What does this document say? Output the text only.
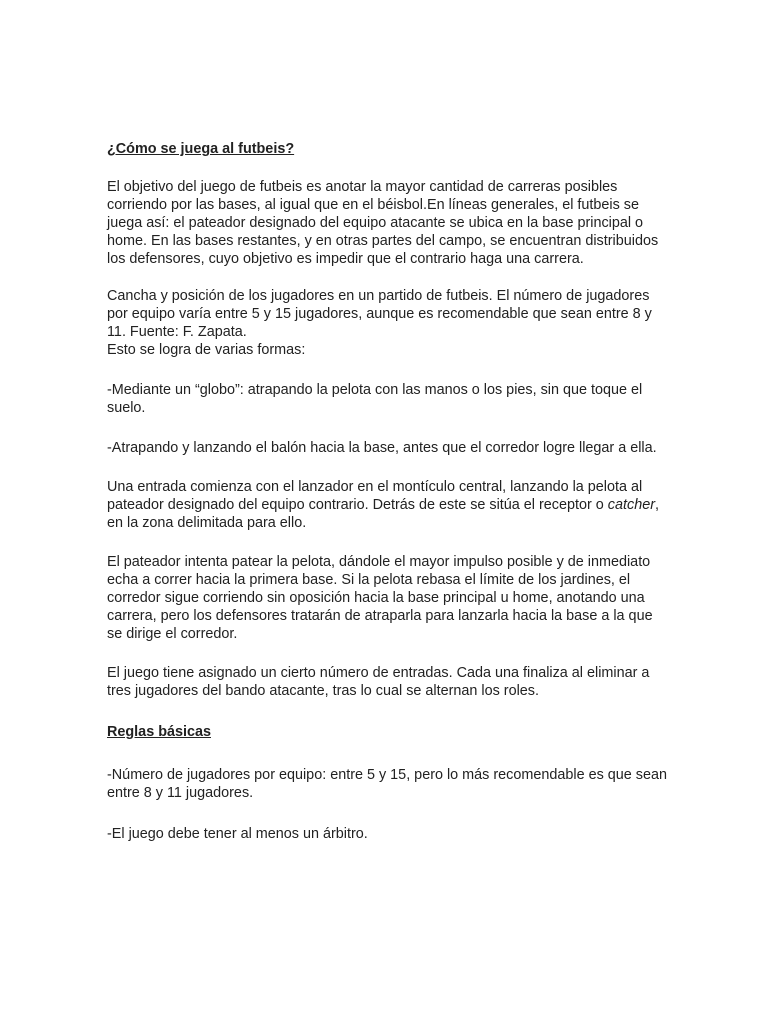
¿Cómo se juega al futbeis?

El objetivo del juego de futbeis es anotar la mayor cantidad de carreras posibles corriendo por las bases, al igual que en el béisbol.En líneas generales, el futbeis se juega así: el pateador designado del equipo atacante se ubica en la base principal o home. En las bases restantes, y en otras partes del campo, se encuentran distribuidos los defensores, cuyo objetivo es impedir que el contrario haga una carrera.

Cancha y posición de los jugadores en un partido de futbeis. El número de jugadores por equipo varía entre 5 y 15 jugadores, aunque es recomendable que sean entre 8 y 11. Fuente: F. Zapata.

Esto se logra de varias formas:

-Mediante un “globo”: atrapando la pelota con las manos o los pies, sin que toque el suelo.

-Atrapando y lanzando el balón hacia la base, antes que el corredor logre llegar a ella.

Una entrada comienza con el lanzador en el montículo central, lanzando la pelota al pateador designado del equipo contrario. Detrás de este se sitúa el receptor o catcher, en la zona delimitada para ello.

El pateador intenta patear la pelota, dándole el mayor impulso posible y de inmediato echa a correr hacia la primera base. Si la pelota rebasa el límite de los jardines, el corredor sigue corriendo sin oposición hacia la base principal u home, anotando una carrera, pero los defensores tratarán de atraparla para lanzarla hacia la base a la que se dirige el corredor.

El juego tiene asignado un cierto número de entradas. Cada una finaliza al eliminar a tres jugadores del bando atacante, tras lo cual se alternan los roles.

Reglas básicas

-Número de jugadores por equipo: entre 5 y 15, pero lo más recomendable es que sean entre 8 y 11 jugadores.

-El juego debe tener al menos un árbitro.
